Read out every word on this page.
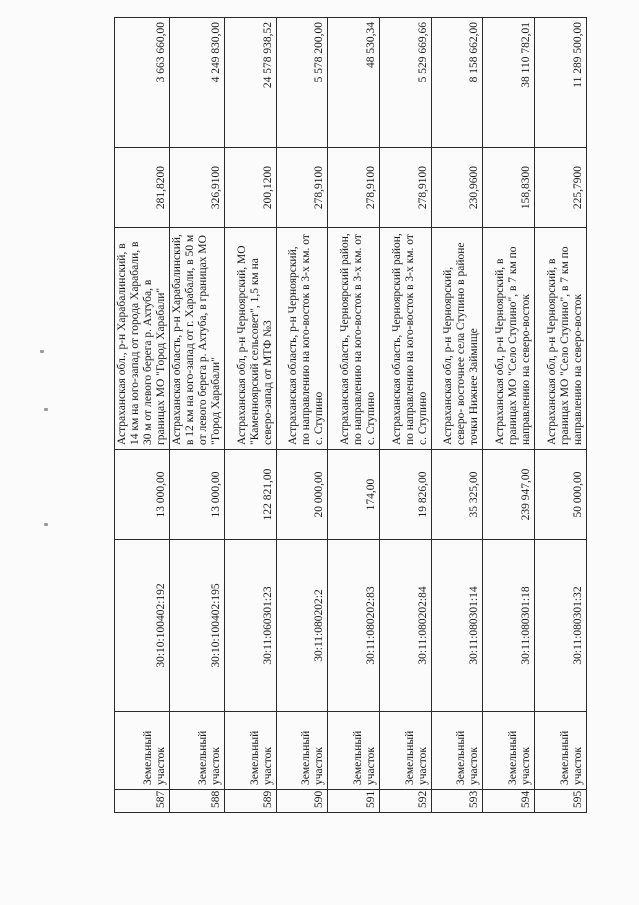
587	Земельный участок	30:10:100402:192	13 000,00	Астраханская обл., р-н Харабалинский, в 14 км на юго-запад от города Харабали, в 30 м от левого берега р. Ахтуба, в границах МО "Город Харабали"	281,8200	3 663 660,00
588	Земельный участок	30:10:100402:195	13 000,00	Астраханская область, р-н Харабалинский, в 12 км на юго-запад от г. Харабали, в 50 м от левого берега р. Ахтуба, в границах МО "Город Харабали"	326,9100	4 249 830,00
589	Земельный участок	30:11:060301:23	122 821,00	Астраханская обл, р-н Черноярский, МО "Каменноярский сельсовет", 1,5 км на северо-запад от МТФ №3	200,1200	24 578 938,52
590	Земельный участок	30:11:080202:2	20 000,00	Астраханская область, р-н Черноярский, по направлению на юго-восток в 3-х км. от с. Ступино	278,9100	5 578 200,00
591	Земельный участок	30:11:080202:83	174,00	Астраханская область, Черноярский район, по направлению на юго-восток в 3-х км. от с. Ступино	278,9100	48 530,34
592	Земельный участок	30:11:080202:84	19 826,00	Астраханская область, Черноярский район, по направлению на юго-восток в 3-х км. от с. Ступино	278,9100	5 529 669,66
593	Земельный участок	30:11:080301:14	35 325,00	Астраханская обл, р-н Черноярский, северо- восточнее села Ступино в районе точки Нижнее Займище	230,9600	8 158 662,00
594	Земельный участок	30:11:080301:18	239 947,00	Астраханская обл, р-н Черноярский, в границах МО "Село Ступино", в 7 км по направлению на северо-восток	158,8300	38 110 782,01
595	Земельный участок	30:11:080301:32	50 000,00	Астраханская обл, р-н Черноярский, в границах МО "Село Ступино", в 7 км по направлению на северо-восток	225,7900	11 289 500,00
